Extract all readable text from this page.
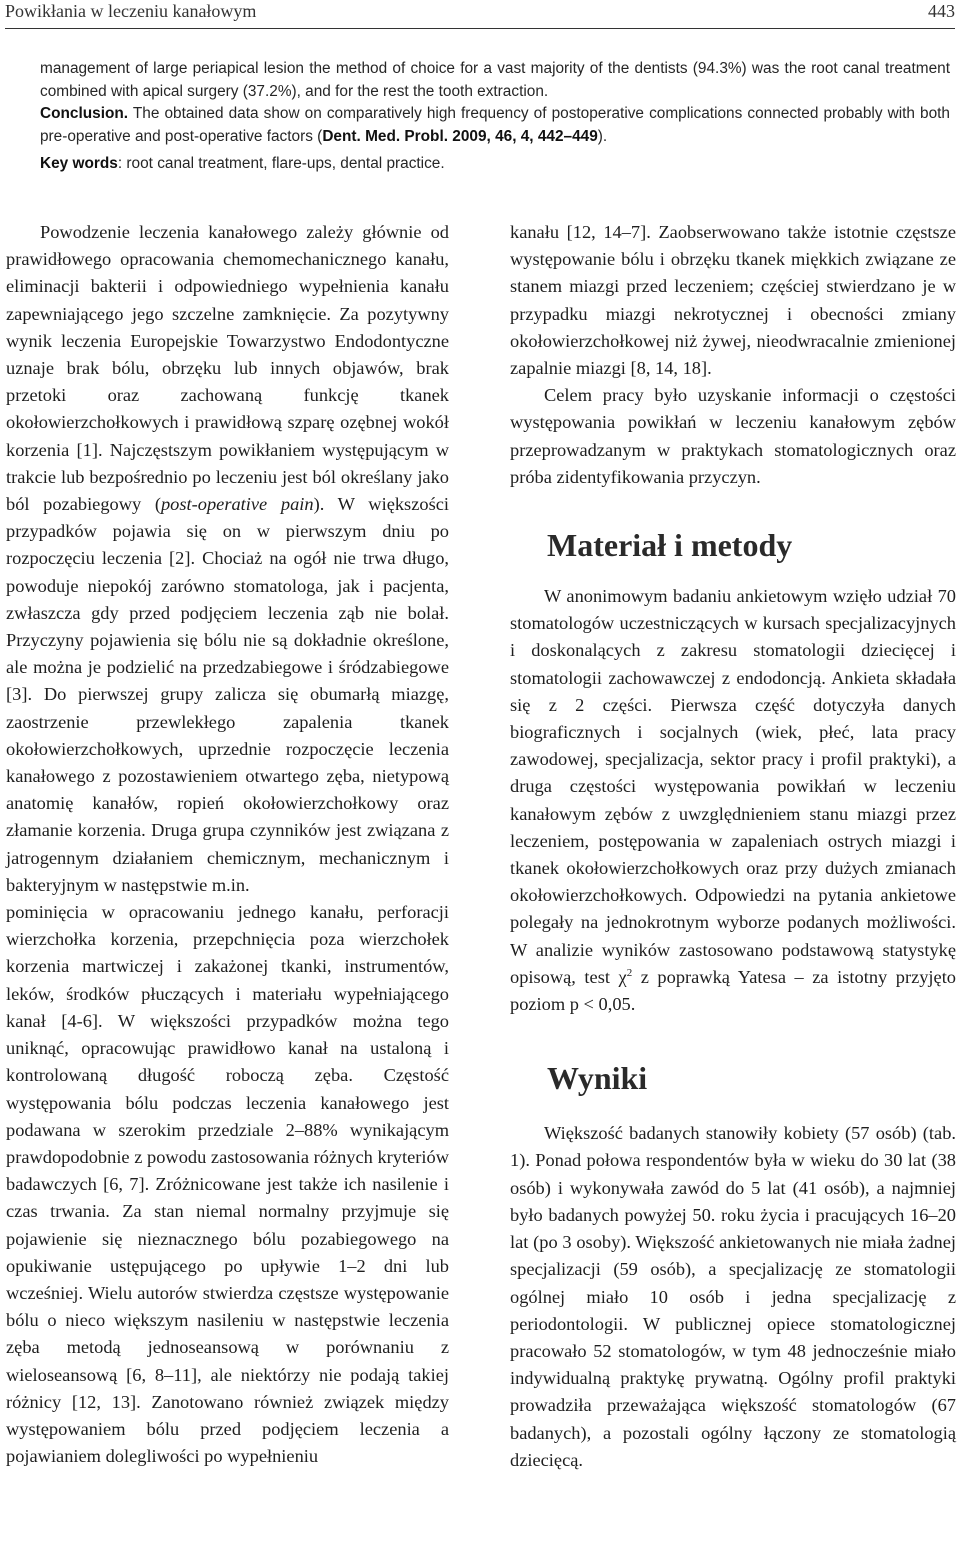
Powikłania w leczeniu kanałowym	443

management of large periapical lesion the method of choice for a vast majority of the dentists (94.3%) was the root canal treatment combined with apical surgery (37.2%), and for the rest the tooth extraction.

Conclusion. The obtained data show on comparatively high frequency of postoperative complications connected probably with both pre-operative and post-operative factors (Dent. Med. Probl. 2009, 46, 4, 442–449).

Key words: root canal treatment, flare-ups, dental practice.

Powodzenie leczenia kanałowego zależy głównie od prawidłowego opracowania chemomechanicznego kanału, eliminacji bakterii i odpowiedniego wypełnienia kanału zapewniającego jego szczelne zamknięcie. Za pozytywny wynik leczenia Europejskie Towarzystwo Endodontyczne uznaje brak bólu, obrzęku lub innych objawów, brak przetoki oraz zachowaną funkcję tkanek okołowierzchołkowych i prawidłową szparę ozębnej wokół korzenia [1]. Najczęstszym powikłaniem występującym w trakcie lub bezpośrednio po leczeniu jest ból określany jako ból pozabiegowy (post-operative pain). W większości przypadków pojawia się on w pierwszym dniu po rozpoczęciu leczenia [2]. Chociaż na ogół nie trwa długo, powoduje niepokój zarówno stomatologa, jak i pacjenta, zwłaszcza gdy przed podjęciem leczenia ząb nie bolał. Przyczyny pojawienia się bólu nie są dokładnie określone, ale można je podzielić na przedzabiegowe i śródzabiegowe [3]. Do pierwszej grupy zalicza się obumarłą miazgę, zaostrzenie przewlekłego zapalenia tkanek okołowierzchołkowych, uprzednie rozpoczęcie leczenia kanałowego z pozostawieniem otwartego zęba, nietypową anatomię kanałów, ropień okołowierzchołkowy oraz złamanie korzenia. Druga grupa czynników jest związana z jatrogennym działaniem chemicznym, mechanicznym i bakteryjnym w następstwie m.in.

pominięcia w opracowaniu jednego kanału, perforacji wierzchołka korzenia, przepchnięcia poza wierzchołek korzenia martwiczej i zakażonej tkanki, instrumentów, leków, środków płuczących i materiału wypełniającego kanał [4-6]. W większości przypadków można tego uniknąć, opracowując prawidłowo kanał na ustaloną i kontrolowaną długość roboczą zęba. Częstość występowania bólu podczas leczenia kanałowego jest podawana w szerokim przedziale 2–88% wynikającym prawdopodobnie z powodu zastosowania różnych kryteriów badawczych [6, 7]. Zróżnicowane jest także ich nasilenie i czas trwania. Za stan niemal normalny przyjmuje się pojawienie się nieznacznego bólu pozabiegowego na opukiwanie ustępującego po upływie 1–2 dni lub wcześniej. Wielu autorów stwierdza częstsze występowanie bólu o nieco większym nasileniu w następstwie leczenia zęba metodą jednoseansową w porównaniu z wieloseansową [6, 8–11], ale niektórzy nie podają takiej różnicy [12, 13]. Zanotowano również związek między występowaniem bólu przed podjęciem leczenia a pojawianiem dolegliwości po wypełnieniu

kanału [12, 14–7]. Zaobserwowano także istotnie częstsze występowanie bólu i obrzęku tkanek miękkich związane ze stanem miazgi przed leczeniem; częściej stwierdzano je w przypadku miazgi nekrotycznej i obecności zmiany okołowierzchołkowej niż żywej, nieodwracalnie zmienionej zapalnie miazgi [8, 14, 18].

Celem pracy było uzyskanie informacji o częstości występowania powikłań w leczeniu kanałowym zębów przeprowadzanym w praktykach stomatologicznych oraz próba zidentyfikowania przyczyn.

Materiał i metody

W anonimowym badaniu ankietowym wzięło udział 70 stomatologów uczestniczących w kursach specjalizacyjnych i doskonalących z zakresu stomatologii dziecięcej i stomatologii zachowawczej z endodoncją. Ankieta składała się z 2 części. Pierwsza część dotyczyła danych biograficznych i socjalnych (wiek, płeć, lata pracy zawodowej, specjalizacja, sektor pracy i profil praktyki), a druga częstości występowania powikłań w leczeniu kanałowym zębów z uwzględnieniem stanu miazgi przez leczeniem, postępowania w zapaleniach ostrych miazgi i tkanek okołowierzchołkowych oraz przy dużych zmianach okołowierzchołkowych. Odpowiedzi na pytania ankietowe polegały na jednokrotnym wyborze podanych możliwości. W analizie wyników zastosowano podstawową statystykę opisową, test $\chi^2$ z poprawką Yatesa – za istotny przyjęto poziom p < 0,05.

Wyniki

Większość badanych stanowiły kobiety (57 osób) (tab. 1). Ponad połowa respondentów była w wieku do 30 lat (38 osób) i wykonywała zawód do 5 lat (41 osób), a najmniej było badanych powyżej 50. roku życia i pracujących 16–20 lat (po 3 osoby). Większość ankietowanych nie miała żadnej specjalizacji (59 osób), a specjalizację ze stomatologii ogólnej miało 10 osób i jedna specjalizację z periodontologii. W publicznej opiece stomatologicznej pracowało 52 stomatologów, w tym 48 jednocześnie miało indywidualną praktykę prywatną. Ogólny profil praktyki prowadziła przeważająca większość stomatologów (67 badanych), a pozostali ogólny łączony ze stomatologią dziecięcą.
